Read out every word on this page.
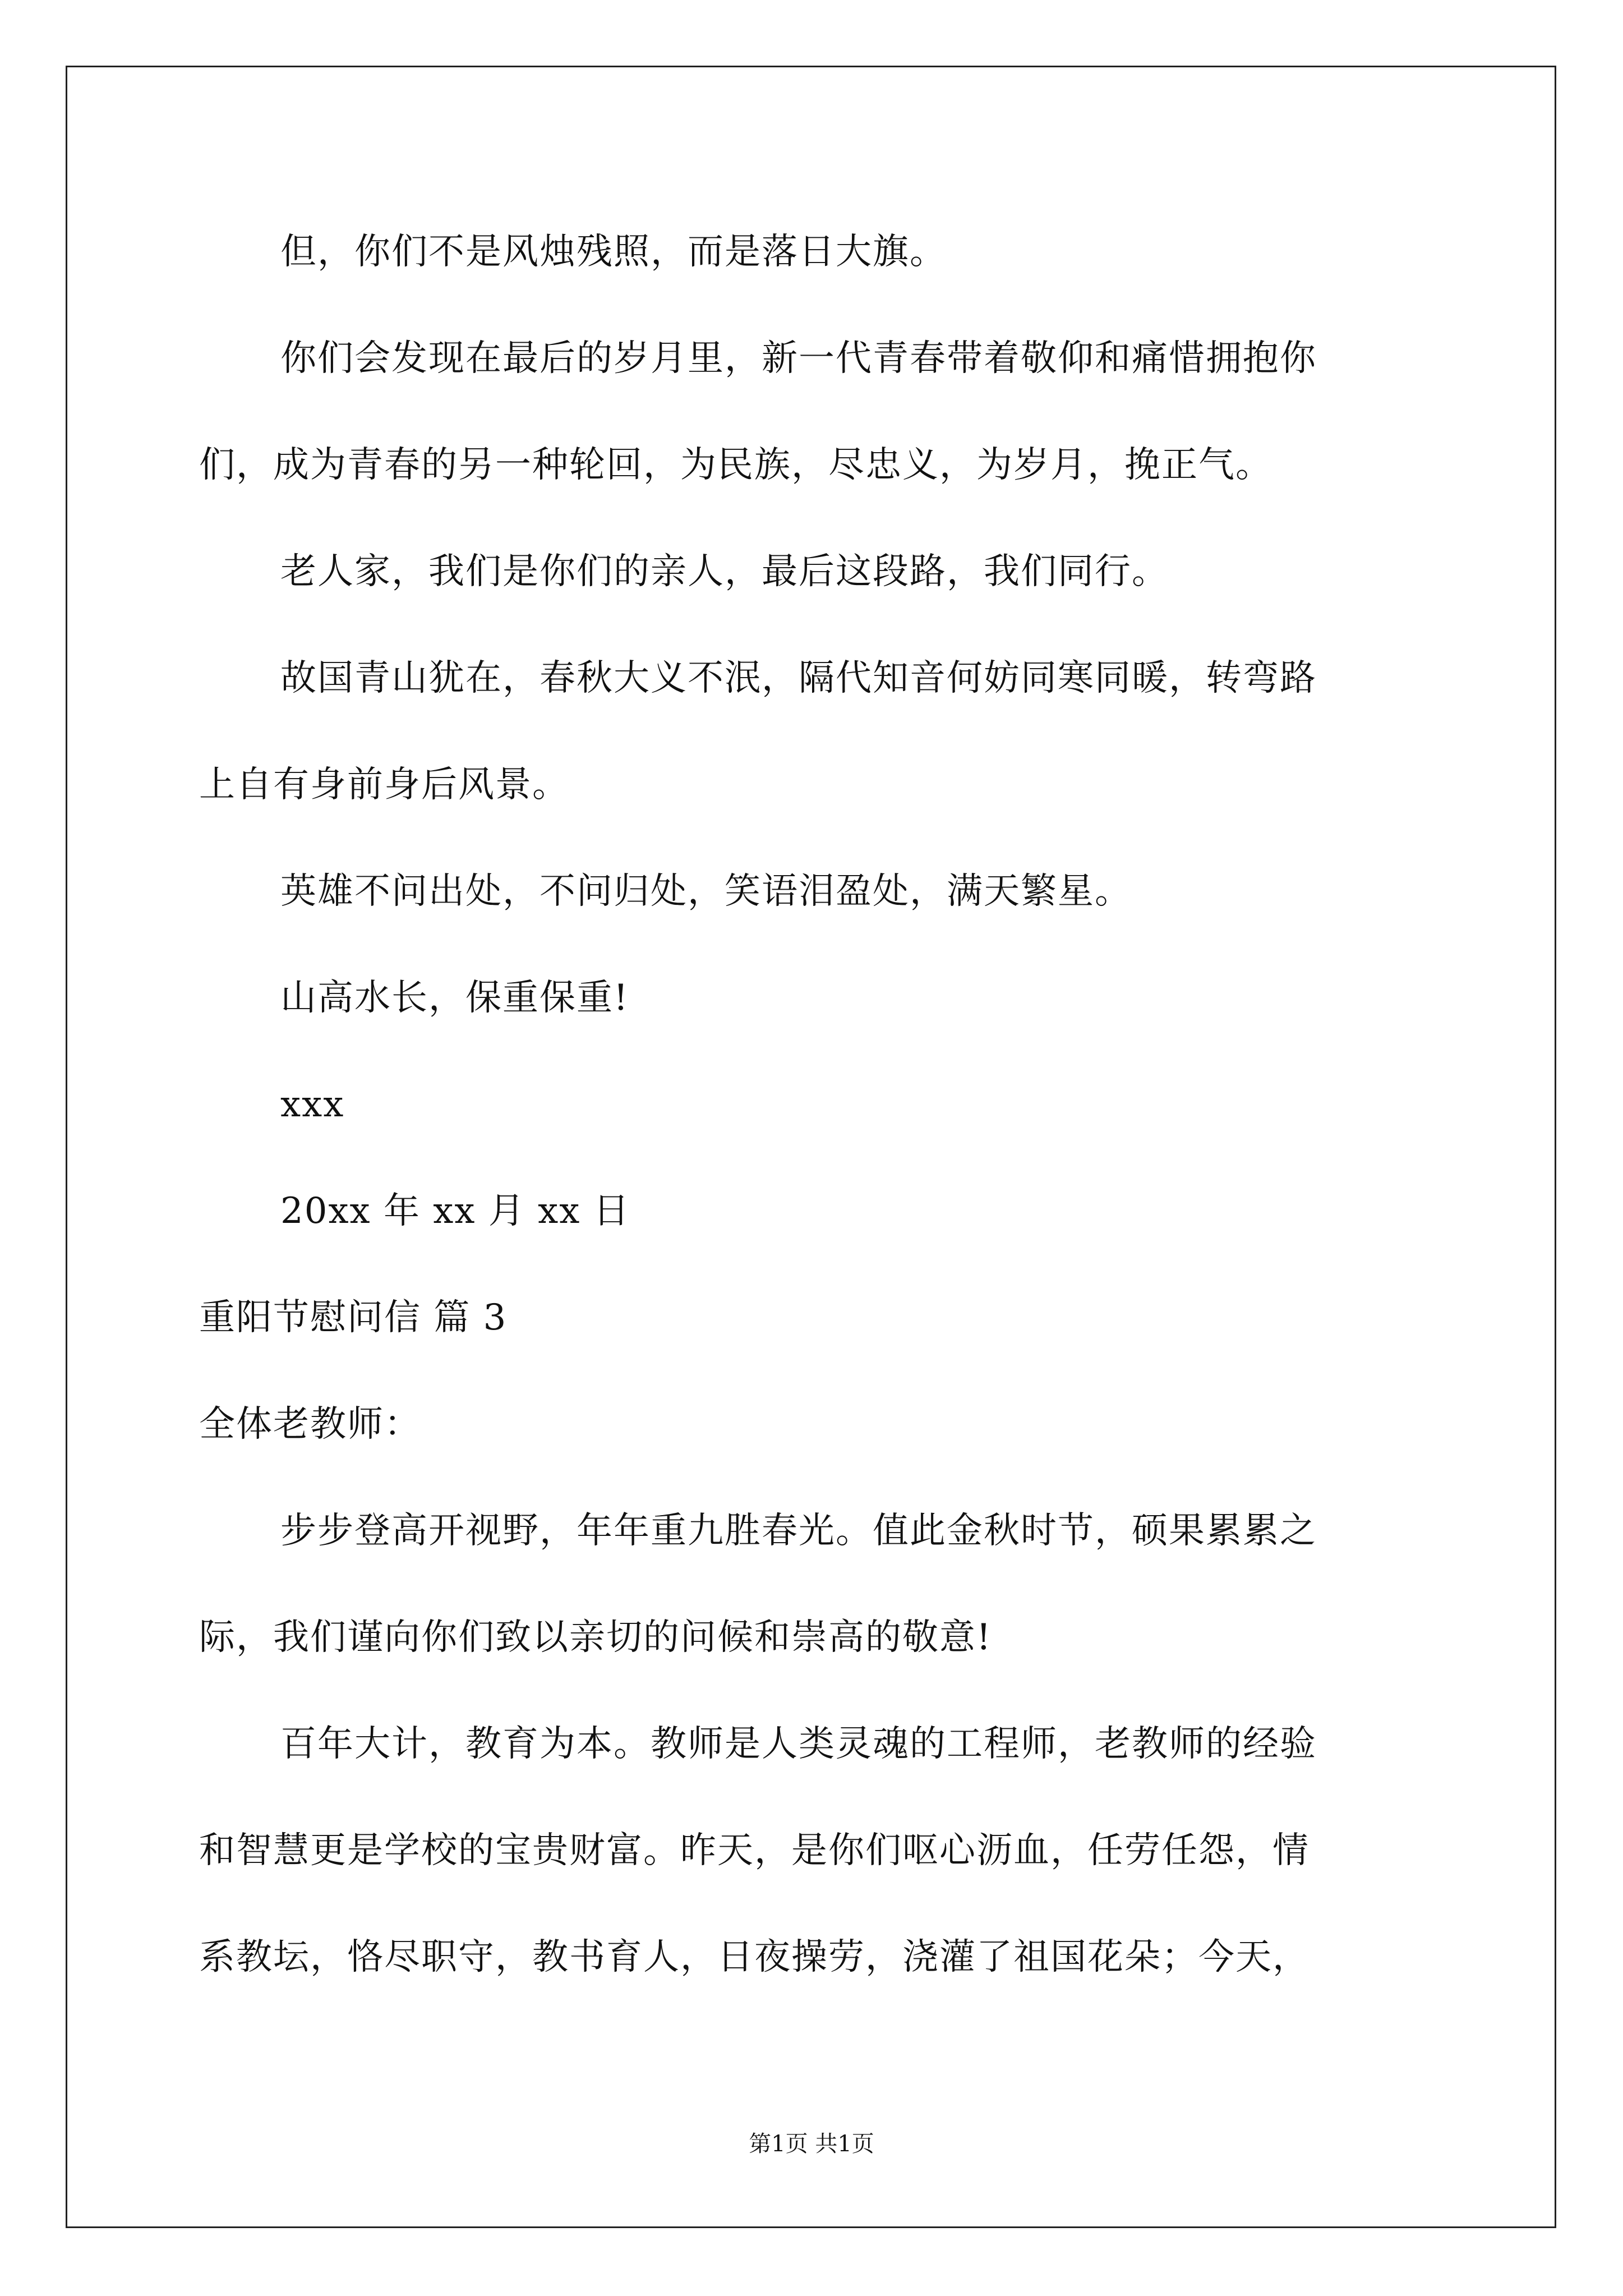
但，你们不是风烛残照，而是落日大旗。
你们会发现在最后的岁月里，新一代青春带着敬仰和痛惜拥抱你
们，成为青春的另一种轮回，为民族，尽忠义，为岁月，挽正气。
老人家，我们是你们的亲人，最后这段路，我们同行。
故国青山犹在，春秋大义不泯，隔代知音何妨同寒同暖，转弯路
上自有身前身后风景。
英雄不问出处，不问归处，笑语泪盈处，满天繁星。
山高水长，保重保重!
xxx
20xx 年 xx 月 xx 日
重阳节慰问信 篇 3
全体老教师：
步步登高开视野，年年重九胜春光。值此金秋时节，硕果累累之
际，我们谨向你们致以亲切的问候和崇高的敬意!
百年大计，教育为本。教师是人类灵魂的工程师，老教师的经验
和智慧更是学校的宝贵财富。昨天，是你们呕心沥血，任劳任怨，情
系教坛，恪尽职守，教书育人，日夜操劳，浇灌了祖国花朵；今天，
第1页 共1页
